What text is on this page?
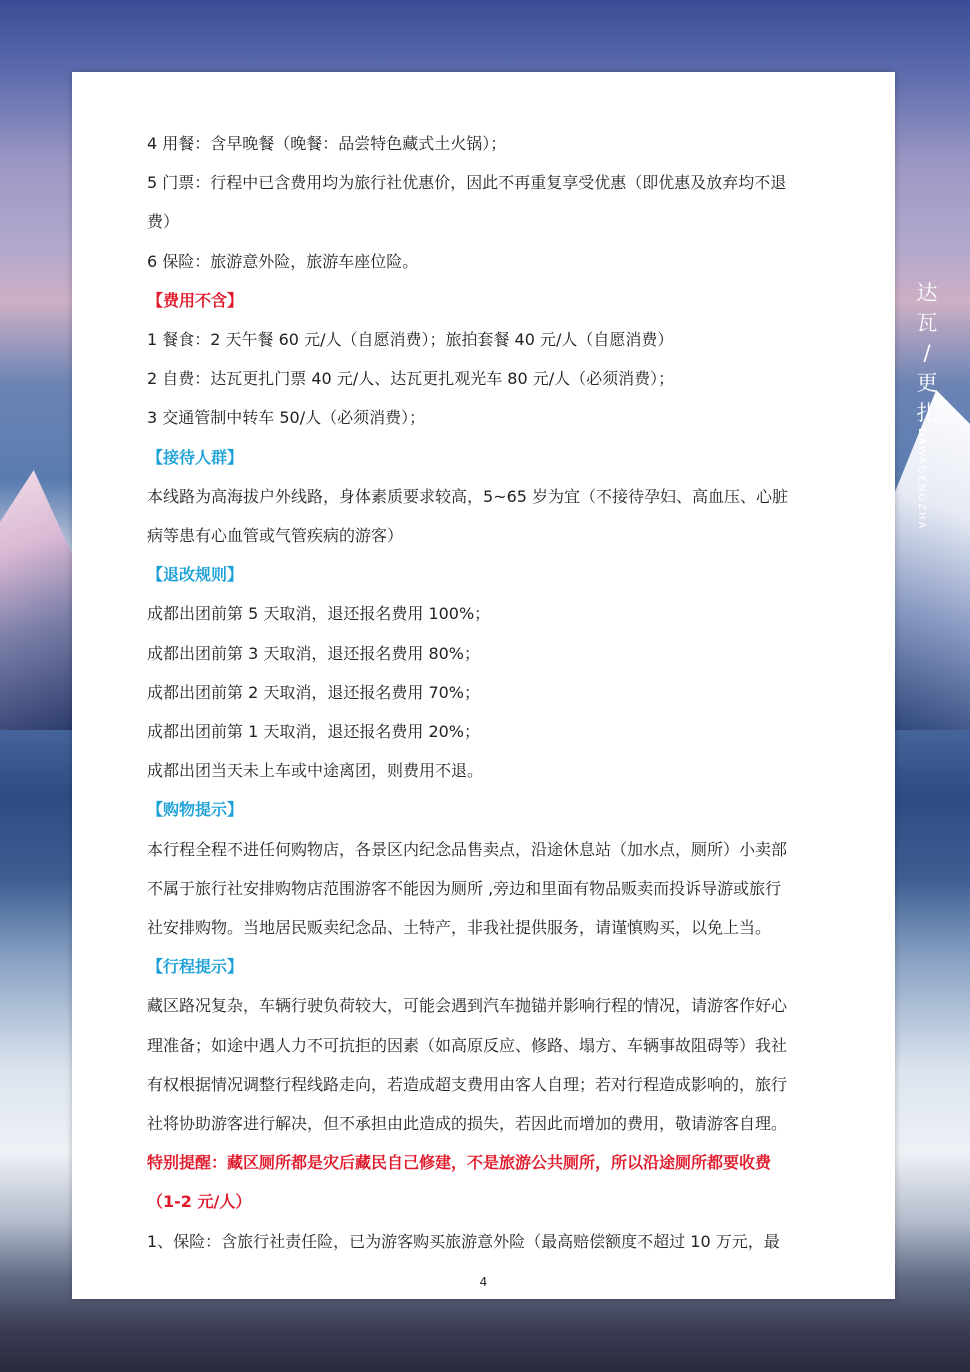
达
瓦
/
更
扎
DAWAGENGZHA

4 用餐：含早晚餐（晚餐：品尝特色藏式土火锅）；

5 门票：行程中已含费用均为旅行社优惠价，因此不再重复享受优惠（即优惠及放弃均不退

费）

6 保险：旅游意外险，旅游车座位险。

【费用不含】

1 餐食：2 天午餐 60 元/人（自愿消费）；旅拍套餐 40 元/人（自愿消费）

2 自费：达瓦更扎门票 40 元/人、达瓦更扎观光车 80 元/人（必须消费）；

3 交通管制中转车 50/人（必须消费）；

【接待人群】

本线路为高海拔户外线路，身体素质要求较高，5~65 岁为宜（不接待孕妇、高血压、心脏

病等患有心血管或气管疾病的游客）

【退改规则】

成都出团前第 5 天取消，退还报名费用 100%；

成都出团前第 3 天取消，退还报名费用 80%；

成都出团前第 2 天取消，退还报名费用 70%；

成都出团前第 1 天取消，退还报名费用 20%；

成都出团当天未上车或中途离团，则费用不退。

【购物提示】

本行程全程不进任何购物店，各景区内纪念品售卖点，沿途休息站（加水点，厕所）小卖部

不属于旅行社安排购物店范围游客不能因为厕所 ,旁边和里面有物品贩卖而投诉导游或旅行

社安排购物。当地居民贩卖纪念品、土特产，非我社提供服务，请谨慎购买，以免上当。

【行程提示】

藏区路况复杂，车辆行驶负荷较大，可能会遇到汽车抛锚并影响行程的情况，请游客作好心

理准备；如途中遇人力不可抗拒的因素（如高原反应、修路、塌方、车辆事故阻碍等）我社

有权根据情况调整行程线路走向，若造成超支费用由客人自理；若对行程造成影响的，旅行

社将协助游客进行解决，但不承担由此造成的损失，若因此而增加的费用，敬请游客自理。

特别提醒：藏区厕所都是灾后藏民自己修建，不是旅游公共厕所，所以沿途厕所都要收费

（1-2 元/人）

1、保险：含旅行社责任险，已为游客购买旅游意外险（最高赔偿额度不超过 10 万元，最

4
